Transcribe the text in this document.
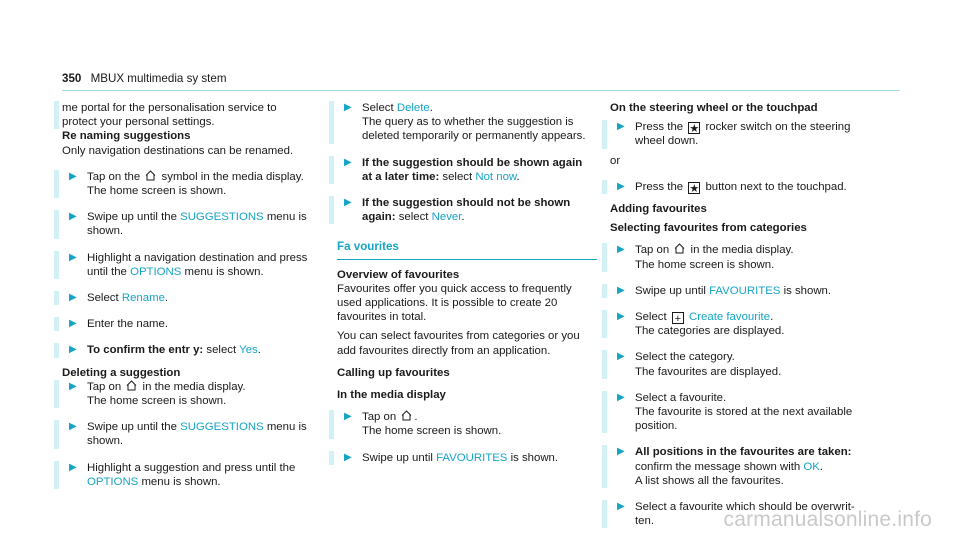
350 MBUX multimedia sy stem

me portal for the personalisation service to

protect your personal settings.

Re naming suggestions

Only navigation destinations can be renamed.

▶ Tap on the symbol in the media display.

The home screen is shown.

▶ Swipe up until the SUGGESTIONS menu is

shown.

▶ Highlight a navigation destination and press

until the OPTIONS menu is shown.

▶ Select Rename.

▶ Enter the name.

▶ To confirm the entr y: select Yes.

Deleting a suggestion

▶ Tap on in the media display.

The home screen is shown.

▶ Swipe up until the SUGGESTIONS menu is

shown.

▶ Highlight a suggestion and press until the

OPTIONS menu is shown.

▶ Select Delete.

The query as to whether the suggestion is

deleted temporarily or permanently appears.

▶ If the suggestion should be shown again

at a later time: select Not now.

▶ If the suggestion should not be shown

again: select Never.

Fa vourites

Overview of favourites

Favourites offer you quick access to frequently

used applications. It is possible to create 20

favourites in total.

You can select favourites from categories or you

add favourites directly from an application.

Calling up favourites

In the media display

▶ Tap on .

The home screen is shown.

▶ Swipe up until FAVOURITES is shown.

On the steering wheel or the touchpad

▶ Press the ★ rocker switch on the steering

wheel down.

or

▶ Press the ★ button next to the touchpad.

Adding favourites

Selecting favourites from categories

▶ Tap on in the media display.

The home screen is shown.

▶ Swipe up until FAVOURITES is shown.

▶ Select + Create favourite.

The categories are displayed.

▶ Select the category.

The favourites are displayed.

▶ Select a favourite.

The favourite is stored at the next available

position.

▶ All positions in the favourites are taken:

confirm the message shown with OK.

A list shows all the favourites.

▶ Select a favourite which should be overwrit-

ten.	carmanualsonline.info
